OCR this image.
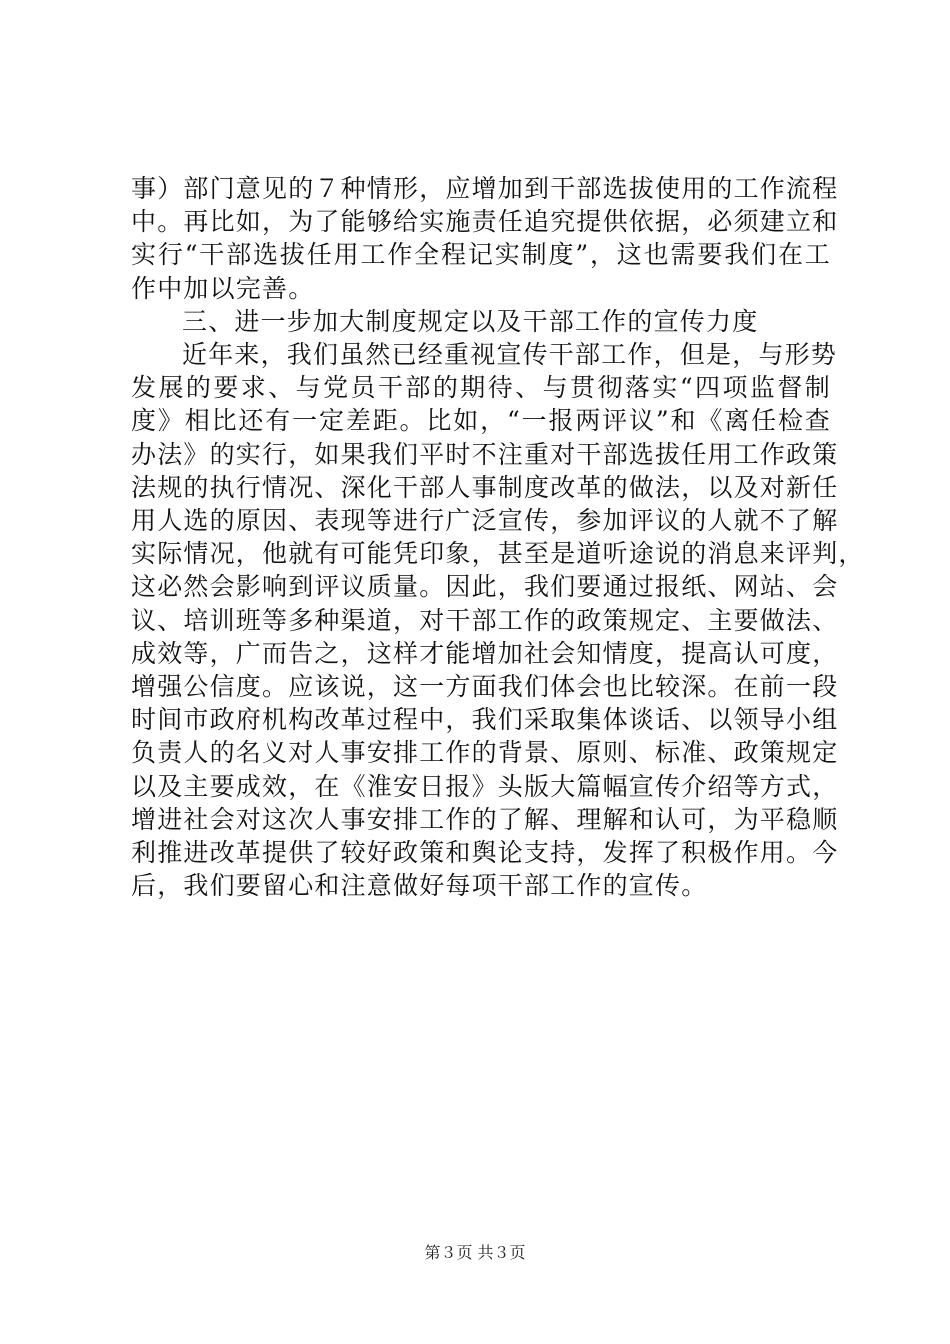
事）部门意见的７种情形，应增加到干部选拔使用的工作流程
中。再比如，为了能够给实施责任追究提供依据，必须建立和
实行“干部选拔任用工作全程记实制度”，这也需要我们在工
作中加以完善。
三、进一步加大制度规定以及干部工作的宣传力度
近年来，我们虽然已经重视宣传干部工作，但是，与形势
发展的要求、与党员干部的期待、与贯彻落实“四项监督制
度》相比还有一定差距。比如，“一报两评议”和《离任检查
办法》的实行，如果我们平时不注重对干部选拔任用工作政策
法规的执行情况、深化干部人事制度改革的做法，以及对新任
用人选的原因、表现等进行广泛宣传，参加评议的人就不了解
实际情况，他就有可能凭印象，甚至是道听途说的消息来评判，
这必然会影响到评议质量。因此，我们要通过报纸、网站、会
议、培训班等多种渠道，对干部工作的政策规定、主要做法、
成效等，广而告之，这样才能增加社会知情度，提高认可度，
增强公信度。应该说，这一方面我们体会也比较深。在前一段
时间市政府机构改革过程中，我们采取集体谈话、以领导小组
负责人的名义对人事安排工作的背景、原则、标准、政策规定
以及主要成效，在《淮安日报》头版大篇幅宣传介绍等方式，
增进社会对这次人事安排工作的了解、理解和认可，为平稳顺
利推进改革提供了较好政策和舆论支持，发挥了积极作用。今
后，我们要留心和注意做好每项干部工作的宣传。
第３页 共３页
